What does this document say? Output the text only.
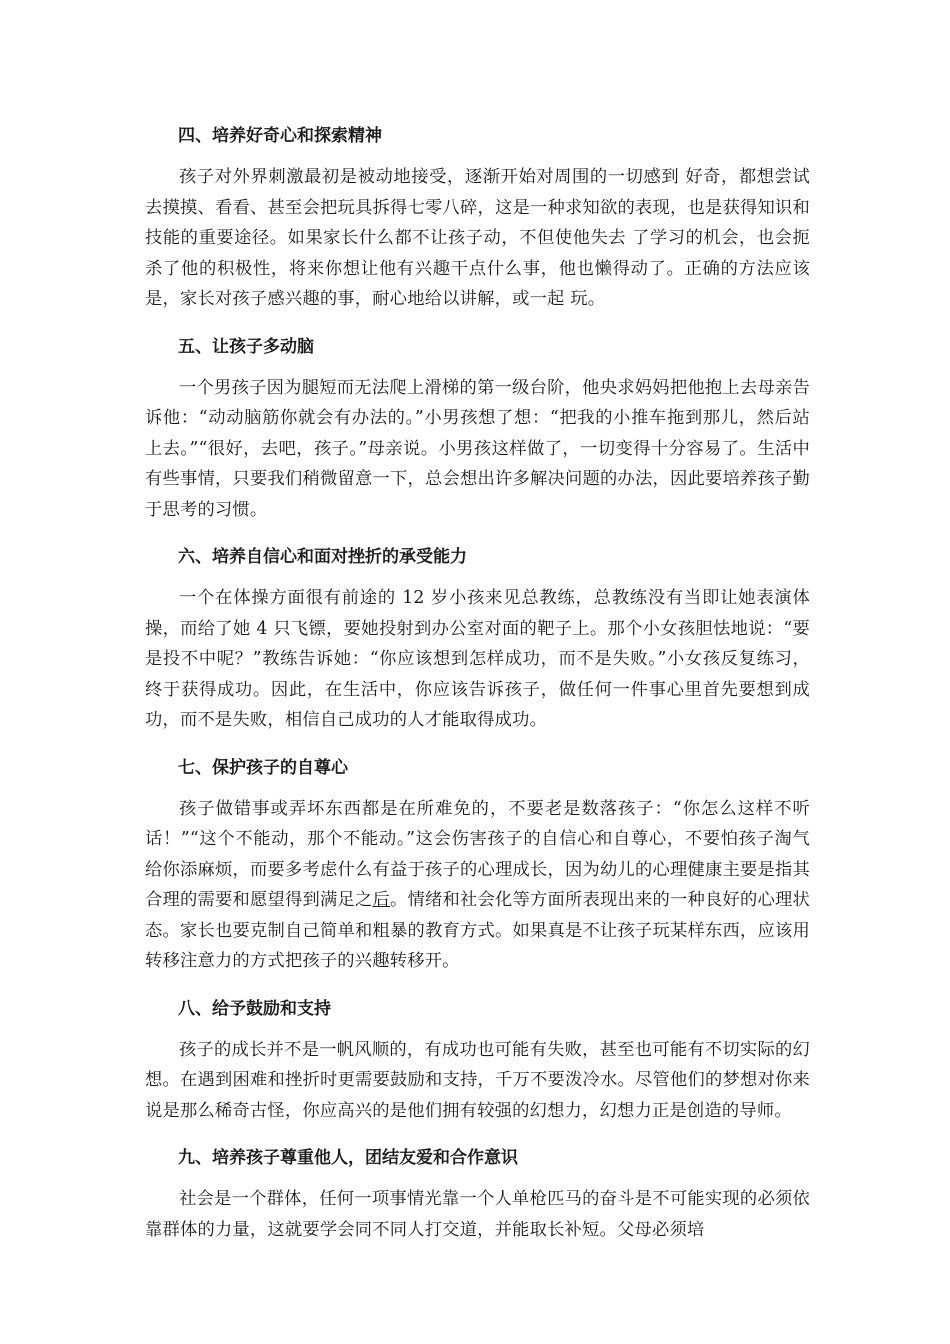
四、培养好奇心和探索精神

孩子对外界刺激最初是被动地接受，逐渐开始对周围的一切感到 好奇，都想尝试去摸摸、看看、甚至会把玩具拆得七零八碎，这是一种求知欲的表现，也是获得知识和技能的重要途径。如果家长什么都不让孩子动，不但使他失去 了学习的机会，也会扼杀了他的积极性，将来你想让他有兴趣干点什么事，他也懒得动了。正确的方法应该是，家长对孩子感兴趣的事，耐心地给以讲解，或一起 玩。

五、让孩子多动脑

一个男孩子因为腿短而无法爬上滑梯的第一级台阶，他央求妈妈把他抱上去母亲告诉他：“动动脑筋你就会有办法的。”小男孩想了想：“把我的小推车拖到那儿，然后站上去。”“很好，去吧，孩子。”母亲说。小男孩这样做了，一切变得十分容易了。生活中有些事情，只要我们稍微留意一下，总会想出许多解决问题的办法，因此要培养孩子勤于思考的习惯。

六、培养自信心和面对挫折的承受能力

一个在体操方面很有前途的 12 岁小孩来见总教练，总教练没有当即让她表演体操，而给了她 4 只飞镖，要她投射到办公室对面的靶子上。那个小女孩胆怯地说：“要是投不中呢？”教练告诉她：“你应该想到怎样成功，而不是失败。”小女孩反复练习，终于获得成功。因此，在生活中，你应该告诉孩子，做任何一件事心里首先要想到成功，而不是失败，相信自己成功的人才能取得成功。

七、保护孩子的自尊心

孩子做错事或弄坏东西都是在所难免的，不要老是数落孩子：“你怎么这样不听话！”“这个不能动，那个不能动。”这会伤害孩子的自信心和自尊心，不要怕孩子淘气给你添麻烦，而要多考虑什么有益于孩子的心理成长，因为幼儿的心理健康主要是指其合理的需要和愿望得到满足之后。情绪和社会化等方面所表现出来的一种良好的心理状态。家长也要克制自己简单和粗暴的教育方式。如果真是不让孩子玩某样东西，应该用转移注意力的方式把孩子的兴趣转移开。

八、给予鼓励和支持

孩子的成长并不是一帆风顺的，有成功也可能有失败，甚至也可能有不切实际的幻想。在遇到困难和挫折时更需要鼓励和支持，千万不要泼冷水。尽管他们的梦想对你来说是那么稀奇古怪，你应高兴的是他们拥有较强的幻想力，幻想力正是创造的导师。

九、培养孩子尊重他人，团结友爱和合作意识

社会是一个群体，任何一项事情光靠一个人单枪匹马的奋斗是不可能实现的必须依靠群体的力量，这就要学会同不同人打交道，并能取长补短。父母必须培
